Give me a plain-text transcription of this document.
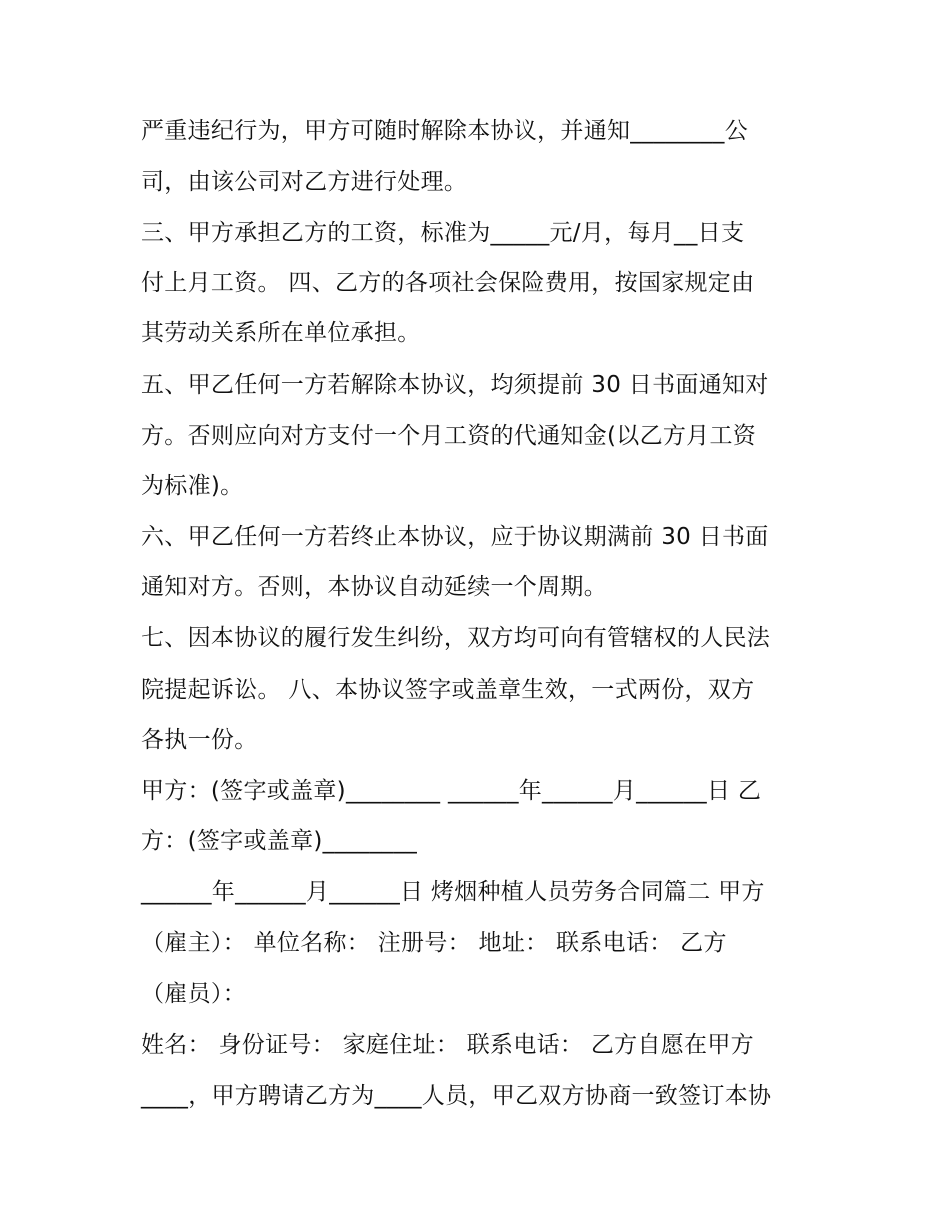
严重违纪行为，甲方可随时解除本协议，并通知________公
司，由该公司对乙方进行处理。
三、甲方承担乙方的工资，标准为_____元/月，每月__日支
付上月工资。 四、乙方的各项社会保险费用，按国家规定由
其劳动关系所在单位承担。
五、甲乙任何一方若解除本协议，均须提前 30 日书面通知对
方。否则应向对方支付一个月工资的代通知金(以乙方月工资
为标准)。
六、甲乙任何一方若终止本协议，应于协议期满前 30 日书面
通知对方。否则，本协议自动延续一个周期。
七、因本协议的履行发生纠纷，双方均可向有管辖权的人民法
院提起诉讼。 八、本协议签字或盖章生效，一式两份，双方
各执一份。
甲方：(签字或盖章)________ ______年______月______日 乙
方：(签字或盖章)________
______年______月______日 烤烟种植人员劳务合同篇二 甲方
（雇主）： 单位名称： 注册号： 地址： 联系电话： 乙方
（雇员）：
姓名： 身份证号： 家庭住址： 联系电话： 乙方自愿在甲方
____，甲方聘请乙方为____人员，甲乙双方协商一致签订本协
